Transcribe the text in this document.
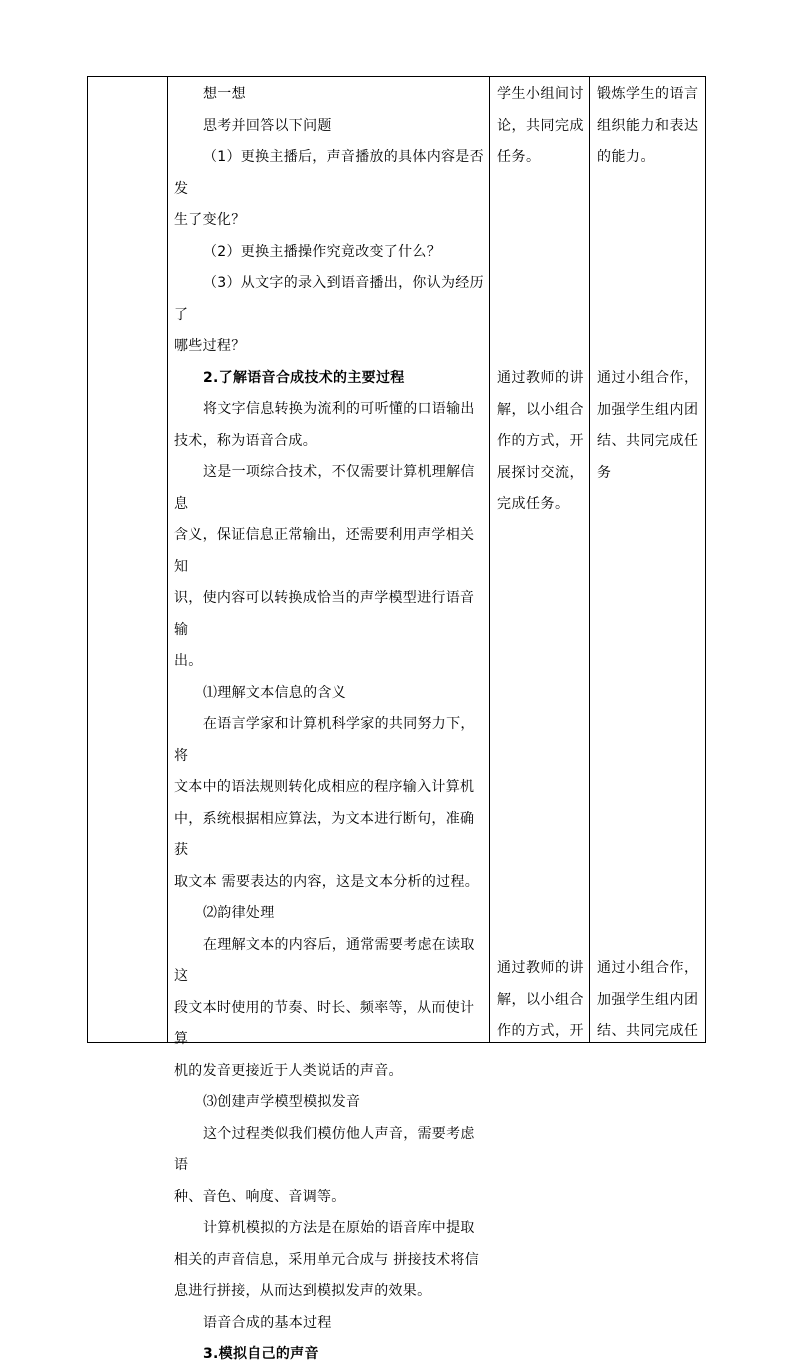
想一想

思考并回答以下问题

（1）更换主播后，声音播放的具体内容是否发

生了变化？

（2）更换主播操作究竟改变了什么？

（3）从文字的录入到语音播出，你认为经历了

哪些过程？

2.了解语音合成技术的主要过程

将文字信息转换为流利的可听懂的口语输出

技术，称为语音合成。

这是一项综合技术，不仅需要计算机理解信息

含义，保证信息正常输出，还需要利用声学相关知

识，使内容可以转换成恰当的声学模型进行语音输

出。

⑴理解文本信息的含义

在语言学家和计算机科学家的共同努力下，将

文本中的语法规则转化成相应的程序输入计算机

中，系统根据相应算法，为文本进行断句，准确获

取文本 需要表达的内容，这是文本分析的过程。

⑵韵律处理

在理解文本的内容后，通常需要考虑在读取这

段文本时使用的节奏、时长、频率等，从而使计算

机的发音更接近于人类说话的声音。

⑶创建声学模型模拟发音

这个过程类似我们模仿他人声音，需要考虑语

种、音色、响度、音调等。

计算机模拟的方法是在原始的语音库中提取

相关的声音信息，采用单元合成与 拼接技术将信

息进行拼接，从而达到模拟发声的效果。

语音合成的基本过程

3.模拟自己的声音

学生小组间讨

论，共同完成

任务。

通过教师的讲

解，以小组合

作的方式，开

展探讨交流，

完成任务。

通过教师的讲

解，以小组合

作的方式，开

锻炼学生的语言

组织能力和表达

的能力。

通过小组合作，

加强学生组内团

结、共同完成任

务

通过小组合作，

加强学生组内团

结、共同完成任
